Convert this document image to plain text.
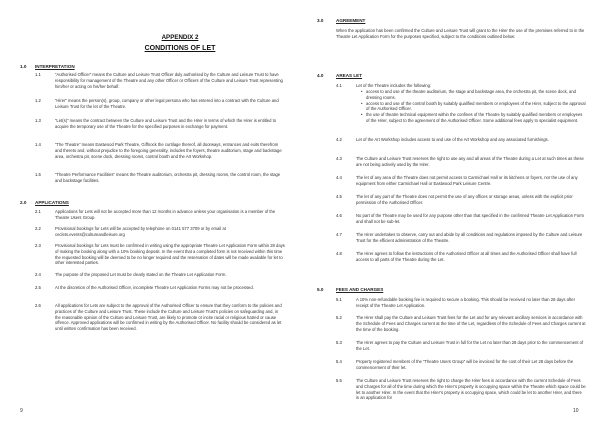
APPENDIX 2
CONDITIONS OF LET
1.0 INTERPRETATION
1.1	“Authorised Officer” means the Culture and Leisure Trust Officer duly authorised by the Culture and Leisure Trust to have responsibility for management of the Theatre and any other Officer or Officers of the Culture and Leisure Trust representing him/her or acting on his/her behalf.
1.2	“Hirer” means the person(s), group, company or other legal persona who has entered into a contract with the Culture and Leisure Trust for the let of the Theatre.
1.3	“Let(s)” means the contract between the Culture and Leisure Trust and the Hirer in terms of which the Hirer is entitled to acquire the temporary use of the Theatre for the specified purposes in exchange for payment.
1.4	“The Theatre” means Eastwood Park Theatre, Giffnock the curtilage thereof, all doorways, entrances and exits therefrom and thereto and, without prejudice to the foregoing generality, includes the foyers, theatre auditorium, stage and backstage area, orchestra pit, scene dock, dressing rooms, control booth and the Art Workshop.
1.5	“Theatre Performance Facilities” means the Theatre auditorium, orchestra pit, dressing rooms, the control room, the stage and backstage facilities.
2.0 APPLICATIONS
2.1	Applications for Lets will not be accepted more than 12 months in advance unless your organisation is a member of the Theatre Users Group.
2.2	Provisional bookings for Lets will be accepted by telephone on 0141 577 3709 or by email at ceclets.events@cultureandleisure.org
2.3	Provisional bookings for Lets must be confirmed in writing using the appropriate Theatre Let Application Form within 28 days of making the booking along with a 10% booking deposit. In the event that a completed form is not received within this time the requested booking will be deemed to be no longer required and the reservation of dates will be made available for let to other interested parties.
2.4	The purpose of the proposed Let must be clearly stated on the Theatre Let Application Form.
2.5	At the discretion of the Authorised Officer, incomplete Theatre Let Application Forms may not be processed.
2.6	All applications for Lets are subject to the approval of the Authorised Officer to ensure that they conform to the policies and practices of the Culture and Leisure Trust. These include the Culture and Leisure Trust’s policies on safeguarding and, in the reasonable opinion of the Culture and Leisure Trust, are likely to promote or incite racial or religious hatred or cause offence. Approved applications will be confirmed in writing by the Authorised Officer. No facility should be considered as let until written confirmation has been received.
9
3.0	AGREEMENT
When the application has been confirmed the Culture and Leisure Trust will grant to the Hirer the use of the premises referred to in the Theatre Let Application Form for the purposes specified, subject to the conditions outlined below:
4.0	AREAS LET
4.1	Let of the Theatre includes the following:
• access to and use of the theatre auditorium, the stage and backstage area, the orchestra pit, the scene dock, and dressing rooms.
• access to and use of the control booth by suitably qualified members or employees of the Hirer, subject to the approval of the Authorised Officer.
• the use of theatre technical equipment within the confines of the Theatre by suitably qualified members or employees of the Hirer, subject to the agreement of the Authorised Officer. Some additional fees apply to specialist equipment.
4.2	Let of the Art Workshop includes access to and use of the Art Workshop and any associated furnishings.
4.3	The Culture and Leisure Trust reserves the right to use any and all areas of the Theatre during a Let at such times as these are not being actively used by the Hirer.
4.4	The let of any area of the Theatre does not permit access to Carmichael Hall or its kitchens or foyers, nor the use of any equipment from either Carmichael Hall or Eastwood Park Leisure Centre.
4.5	The let of any part of the Theatre does not permit the use of any offices or storage areas, unless with the explicit prior permission of the Authorised Officer.
4.6	No part of the Theatre may be used for any purpose other than that specified in the confirmed Theatre Let Application Form and shall not be sub-let.
4.7	The Hirer undertakes to observe, carry out and abide by all conditions and regulations imposed by the Culture and Leisure Trust for the efficient administration of the Theatre.
4.8	The Hirer agrees to follow the instructions of the Authorised Officer at all times and the Authorised Officer shall have full access to all parts of the Theatre during the Let.
5.0	FEES AND CHARGES
5.1	A 10% non-refundable booking fee is required to secure a booking. This should be received no later than 28 days after receipt of the Theatre Let Application.
5.2	The Hirer shall pay the Culture and Leisure Trust fees for the Let and for any relevant ancillary services in accordance with the Schedule of Fees and Charges current at the time of the Let, regardless of the Schedule of Fees and Charges current at the time of the booking.
5.3	The Hirer agrees to pay the Culture and Leisure Trust in full for the Let no later than 28 days prior to the commencement of the Let.
5.4	Property registered members of the “Theatre Users Group” will be invoiced for the cost of their Let 28 days before the commencement of their let.
5.5	The Culture and Leisure Trust reserves the right to charge the Hirer fees in accordance with the current Schedule of Fees and Charges for all of the time during which the Hirer’s property is occupying space within the Theatre which space could be let to another Hirer. In the event that the Hirer’s property is occupying space, which could be let to another Hirer, and there is an application for
10
